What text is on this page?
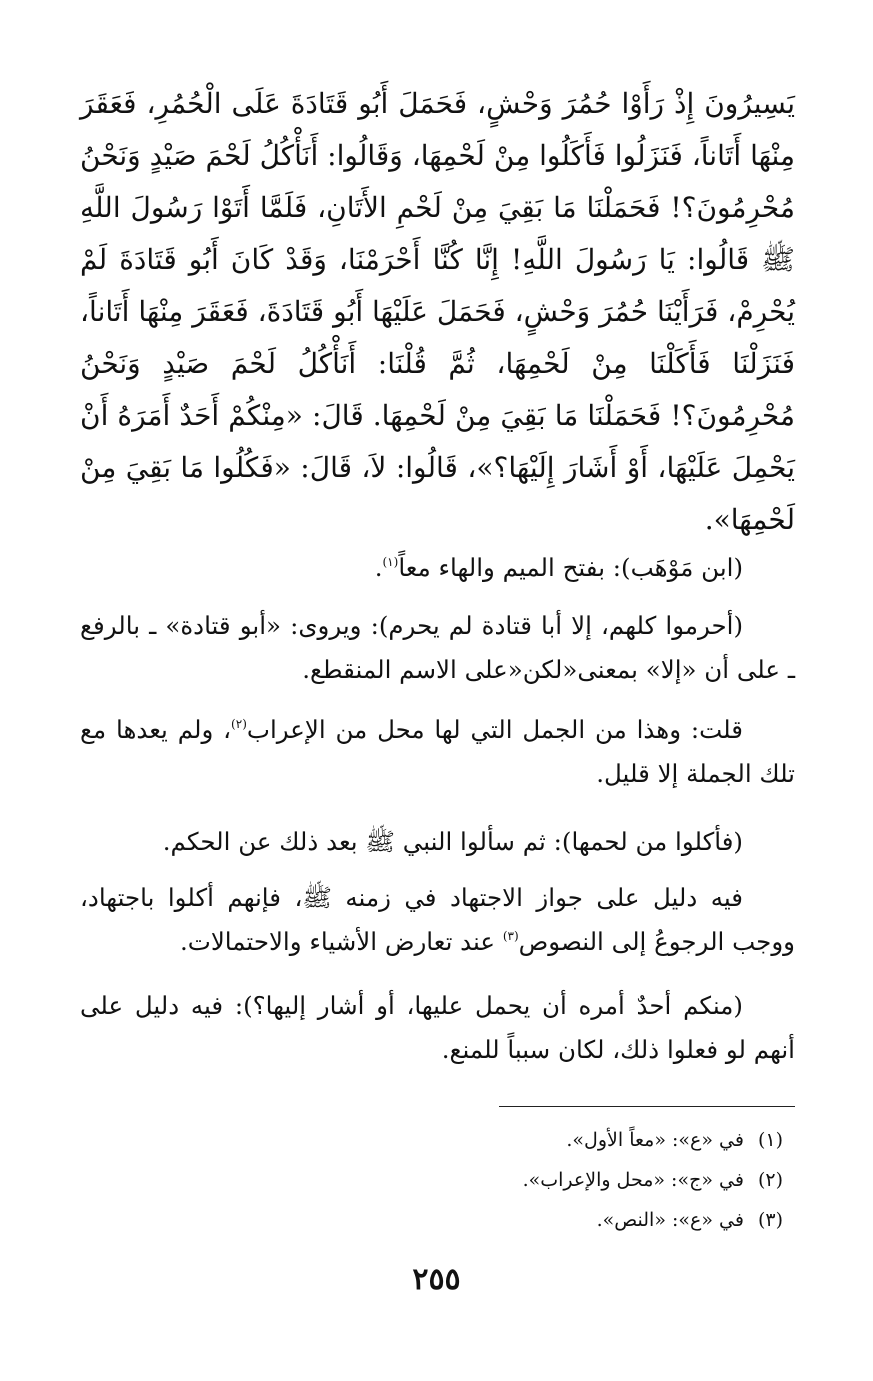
يَسِيرُونَ إِذْ رَأَوْا حُمُرَ وَحْشٍ، فَحَمَلَ أَبُو قَتَادَةَ عَلَى الْحُمُرِ، فَعَقَرَ مِنْهَا أَتَاناً، فَنَزَلُوا فَأَكَلُوا مِنْ لَحْمِهَا، وَقَالُوا: أَنَأْكُلُ لَحْمَ صَيْدٍ وَنَحْنُ مُحْرِمُونَ؟! فَحَمَلْنَا مَا بَقِيَ مِنْ لَحْمِ الأَتَانِ، فَلَمَّا أَتَوْا رَسُولَ اللَّهِ ﷺ قَالُوا: يَا رَسُولَ اللَّهِ! إِنَّا كُنَّا أَحْرَمْنَا، وَقَدْ كَانَ أَبُو قَتَادَةَ لَمْ يُحْرِمْ، فَرَأَيْنَا حُمُرَ وَحْشٍ، فَحَمَلَ عَلَيْهَا أَبُو قَتَادَةَ، فَعَقَرَ مِنْهَا أَتَاناً، فَنَزَلْنَا فَأَكَلْنَا مِنْ لَحْمِهَا، ثُمَّ قُلْنَا: أَنَأْكُلُ لَحْمَ صَيْدٍ وَنَحْنُ مُحْرِمُونَ؟! فَحَمَلْنَا مَا بَقِيَ مِنْ لَحْمِهَا. قَالَ: «مِنْكُمْ أَحَدٌ أَمَرَهُ أَنْ يَحْمِلَ عَلَيْهَا، أَوْ أَشَارَ إِلَيْهَا؟»، قَالُوا: لاَ، قَالَ: «فَكُلُوا مَا بَقِيَ مِنْ لَحْمِهَا».

(ابن مَوْهَب): بفتح الميم والهاء معاً$^{(١)}$.

(أحرموا كلهم، إلا أبا قتادة لم يحرم): ويروى: «أبو قتادة» ـ بالرفع ـ على أن «إلا» بمعنى«لكن«على الاسم المنقطع.

قلت: وهذا من الجمل التي لها محل من الإعراب$^{(٢)}$، ولم يعدها مع تلك الجملة إلا قليل.

(فأكلوا من لحمها): ثم سألوا النبي ﷺ بعد ذلك عن الحكم.

فيه دليل على جواز الاجتهاد في زمنه ﷺ، فإنهم أكلوا باجتهاد، ووجب الرجوعُ إلى النصوص$^{(٣)}$ عند تعارض الأشياء والاحتمالات.

(منكم أحدٌ أمره أن يحمل عليها، أو أشار إليها؟): فيه دليل على أنهم لو فعلوا ذلك، لكان سبباً للمنع.

(١)في «ع»: «معاً الأول».
(٢)في «ج»: «محل والإعراب».
(٣)في «ع»: «النص».
٢٥٥
